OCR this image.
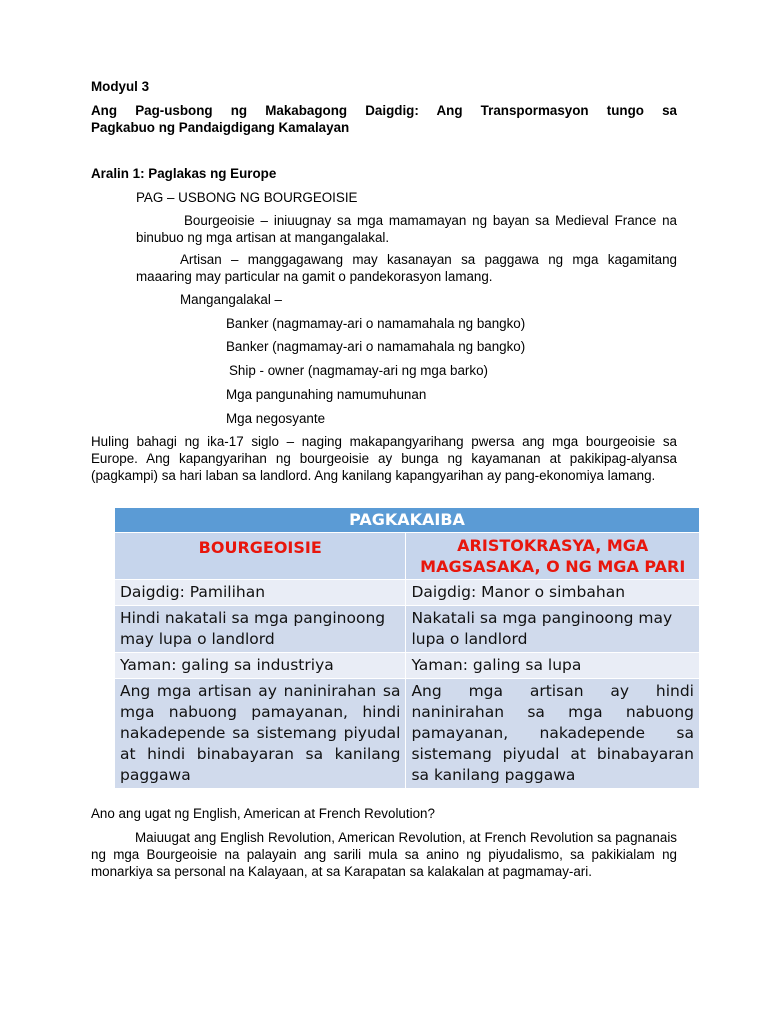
Modyul 3

Ang Pag-usbong ng Makabagong Daigdig: Ang Transpormasyon tungo sa

Pagkabuo ng Pandaigdigang Kamalayan

Aralin 1: Paglakas ng Europe

PAG – USBONG NG BOURGEOISIE

Bourgeoisie – iniuugnay sa mga mamamayan ng bayan sa Medieval France na binubuo ng mga artisan at mangangalakal.

Artisan – manggagawang may kasanayan sa paggawa ng mga kagamitang maaaring may particular na gamit o pandekorasyon lamang.

Mangangalakal –

Banker (nagmamay-ari o namamahala ng bangko)

Banker (nagmamay-ari o namamahala ng bangko)

Ship - owner (nagmamay-ari ng mga barko)

Mga pangunahing namumuhunan

Mga negosyante

Huling bahagi ng ika-17 siglo – naging makapangyarihang pwersa ang mga bourgeoisie sa Europe. Ang kapangyarihan ng bourgeoisie ay bunga ng kayamanan at pakikipag-alyansa (pagkampi) sa hari laban sa landlord. Ang kanilang kapangyarihan ay pang-ekonomiya lamang.

PAGKAKAIBA	
BOURGEOISIE	ARISTOKRASYA, MGA MAGSASAKA, O NG MGA PARI
Daigdig: Pamilihan	Daigdig: Manor o simbahan
Hindi nakatali sa mga panginoong may lupa o landlord	Nakatali sa mga panginoong may lupa o landlord
Yaman: galing sa industriya	Yaman: galing sa lupa
Ang mga artisan ay naninirahan sa mga nabuong pamayanan, hindi nakadepende sa sistemang piyudal at hindi binabayaran sa kanilang paggawa	Ang mga artisan ay hindi naninirahan sa mga nabuong pamayanan, nakadepende sa sistemang piyudal at binabayaran sa kanilang paggawa

Ano ang ugat ng English, American at French Revolution?

Maiuugat ang English Revolution, American Revolution, at French Revolution sa pagnanais ng mga Bourgeoisie na palayain ang sarili mula sa anino ng piyudalismo, sa pakikialam ng monarkiya sa personal na Kalayaan, at sa Karapatan sa kalakalan at pagmamay-ari.
